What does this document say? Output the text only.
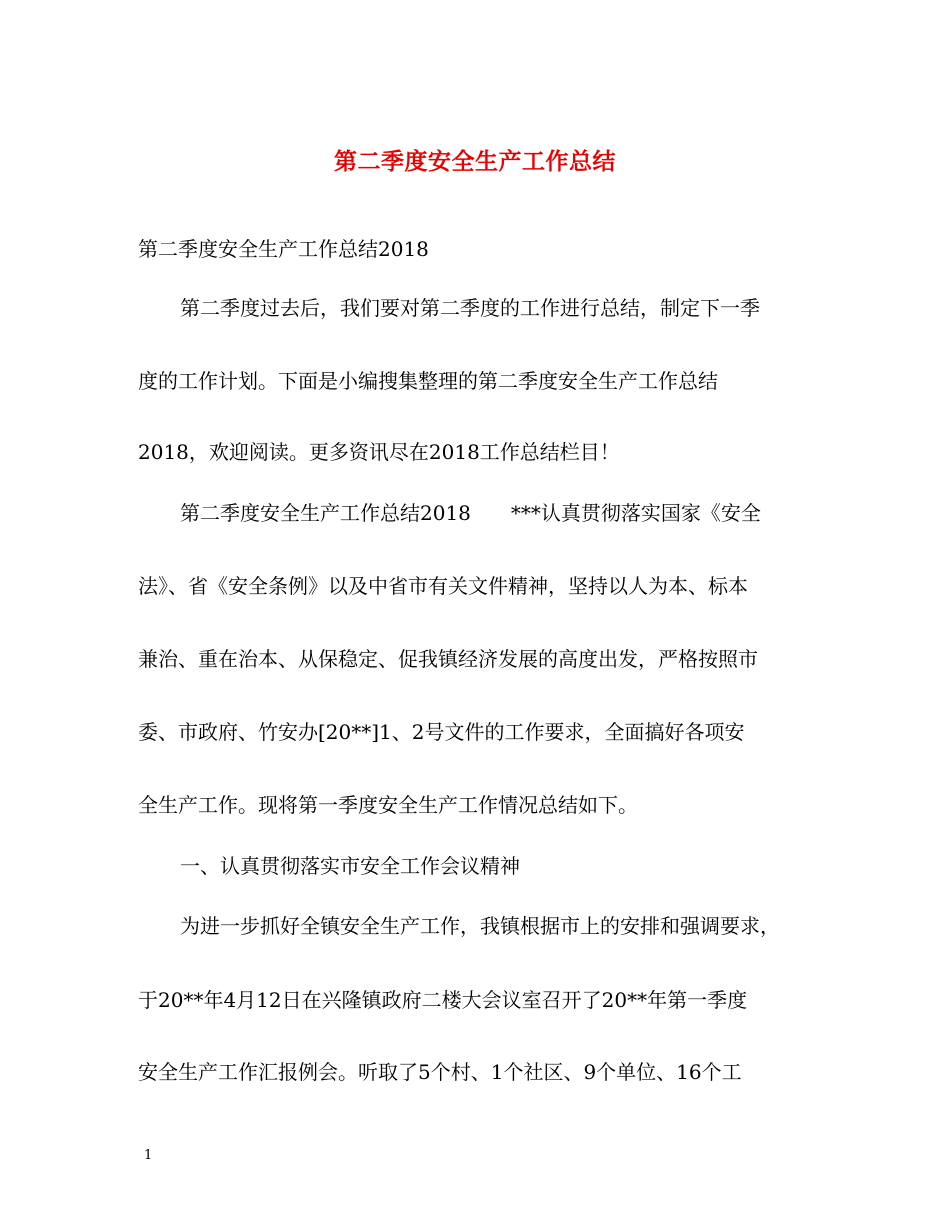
第二季度安全生产工作总结
第二季度安全生产工作总结2018
第二季度过去后，我们要对第二季度的工作进行总结，制定下一季
度的工作计划。下面是小编搜集整理的第二季度安全生产工作总结
2018，欢迎阅读。更多资讯尽在2018工作总结栏目！
第二季度安全生产工作总结2018　　***认真贯彻落实国家《安全
法》、省《安全条例》以及中省市有关文件精神，坚持以人为本、标本
兼治、重在治本、从保稳定、促我镇经济发展的高度出发，严格按照市
委、市政府、竹安办[20**]1、2号文件的工作要求，全面搞好各项安
全生产工作。现将第一季度安全生产工作情况总结如下。
一、认真贯彻落实市安全工作会议精神
为进一步抓好全镇安全生产工作，我镇根据市上的安排和强调要求，
于20**年4月12日在兴隆镇政府二楼大会议室召开了20**年第一季度
安全生产工作汇报例会。听取了5个村、1个社区、9个单位、16个工
1
